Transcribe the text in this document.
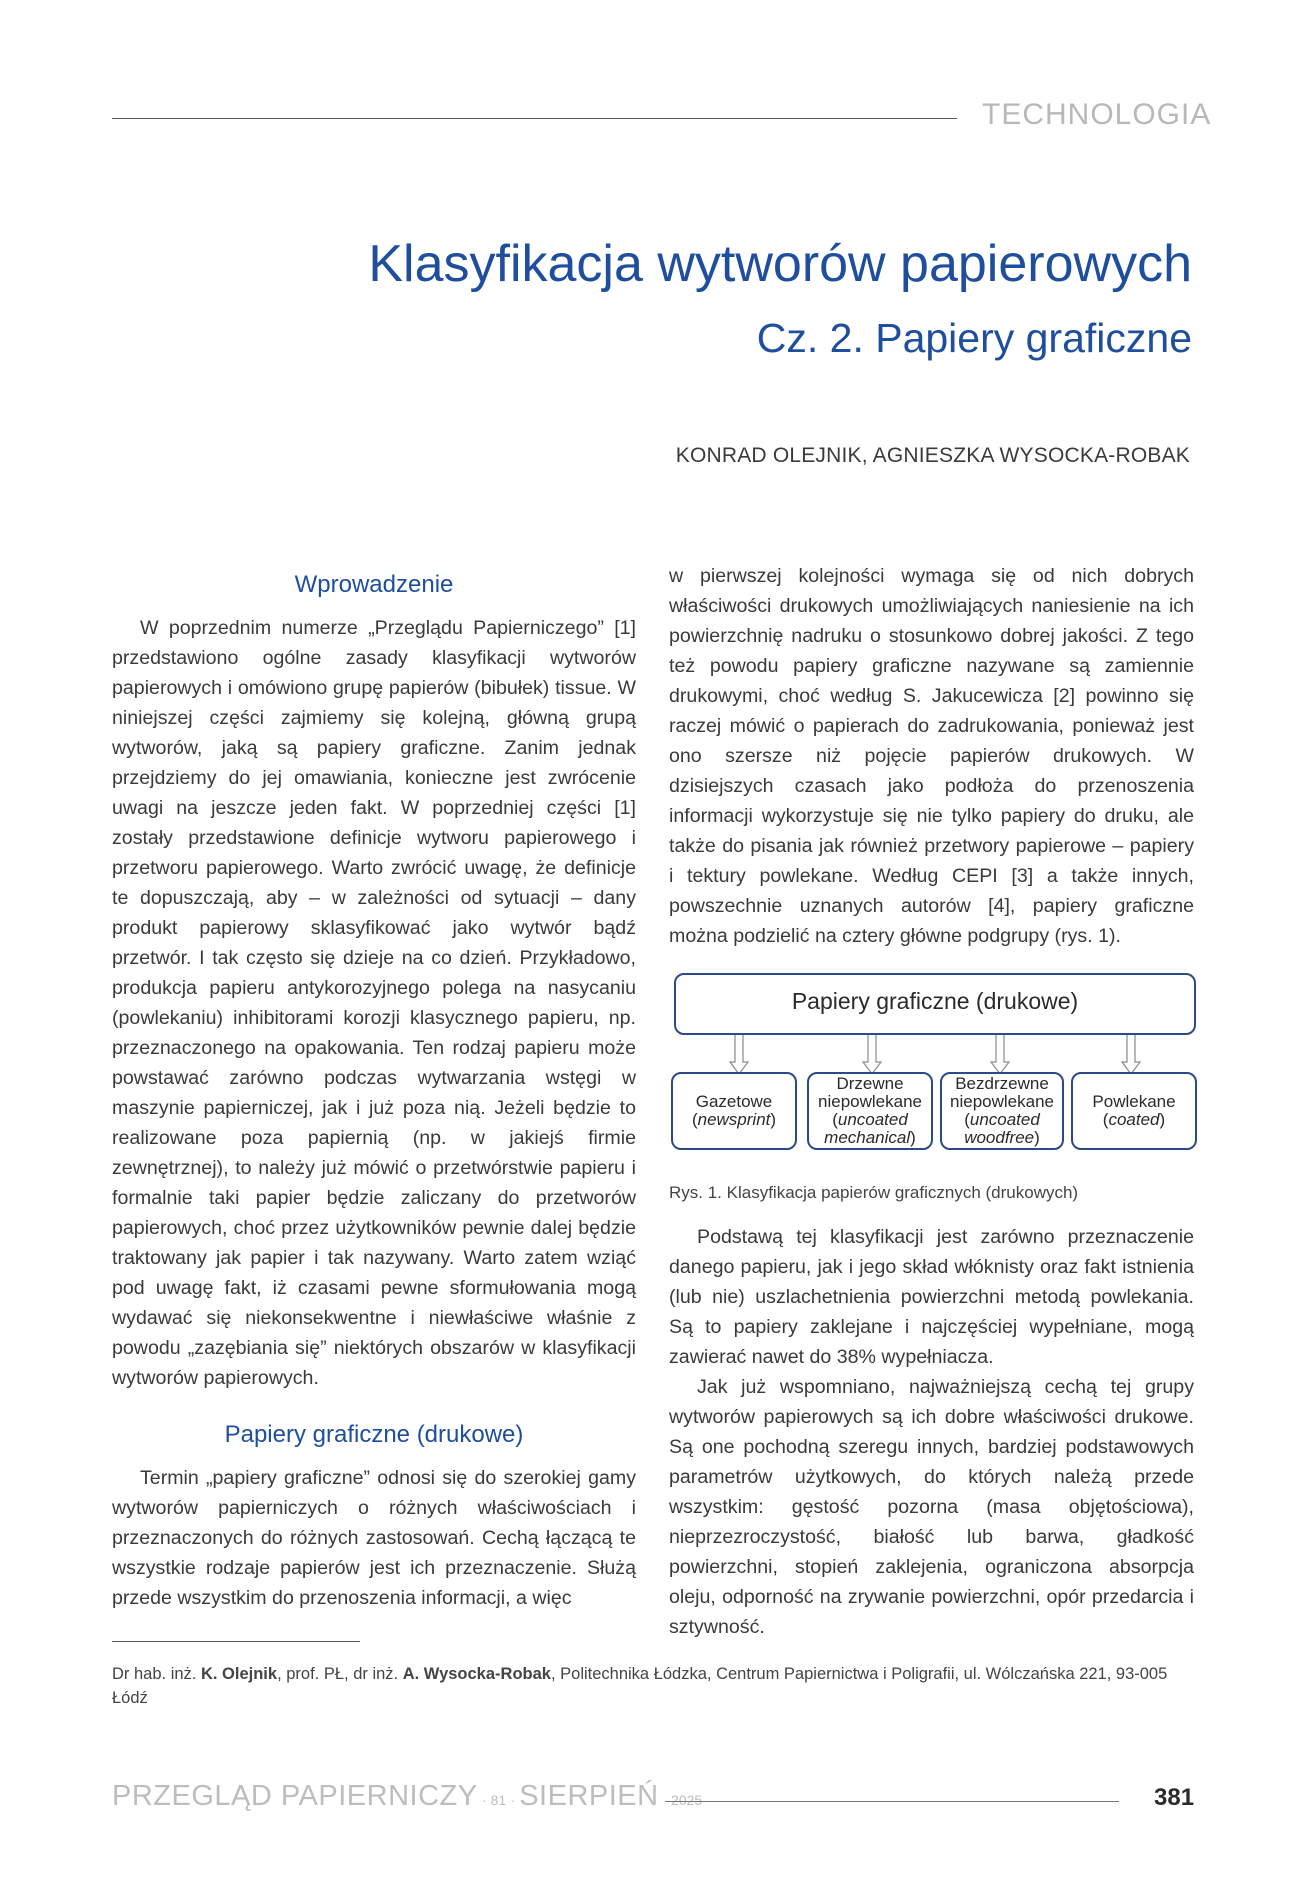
TECHNOLOGIA
Klasyfikacja wytworów papierowych
Cz. 2. Papiery graficzne
KONRAD OLEJNIK, AGNIESZKA WYSOCKA-ROBAK

Wprowadzenie

W poprzednim numerze „Przeglądu Papierniczego” [1] przedstawiono ogólne zasady klasyfikacji wytworów papierowych i omówiono grupę papierów (bibułek) tissue. W niniejszej części zajmiemy się kolejną, główną grupą wytworów, jaką są papiery graficzne. Zanim jednak przejdziemy do jej omawiania, konieczne jest zwrócenie uwagi na jeszcze jeden fakt. W poprzedniej części [1] zostały przedstawione definicje wytworu papierowego i przetworu papierowego. Warto zwrócić uwagę, że definicje te dopuszczają, aby – w zależności od sytuacji – dany produkt papierowy sklasyfikować jako wytwór bądź przetwór. I tak często się dzieje na co dzień. Przykładowo, produkcja papieru antykorozyjnego polega na nasycaniu (powlekaniu) inhibitorami korozji klasycznego papieru, np. przeznaczonego na opakowania. Ten rodzaj papieru może powstawać zarówno podczas wytwarzania wstęgi w maszynie papierniczej, jak i już poza nią. Jeżeli będzie to realizowane poza papiernią (np. w jakiejś firmie zewnętrznej), to należy już mówić o przetwórstwie papieru i formalnie taki papier będzie zaliczany do przetworów papierowych, choć przez użytkowników pewnie dalej będzie traktowany jak papier i tak nazywany. Warto zatem wziąć pod uwagę fakt, iż czasami pewne sformułowania mogą wydawać się niekonsekwentne i niewłaściwe właśnie z powodu „zazębiania się” niektórych obszarów w klasyfikacji wytworów papierowych.

Papiery graficzne (drukowe)

Termin „papiery graficzne” odnosi się do szerokiej gamy wytworów papierniczych o różnych właściwościach i przeznaczonych do różnych zastosowań. Cechą łączącą te wszystkie rodzaje papierów jest ich przeznaczenie. Służą przede wszystkim do przenoszenia informacji, a więc

w pierwszej kolejności wymaga się od nich dobrych właściwości drukowych umożliwiających naniesienie na ich powierzchnię nadruku o stosunkowo dobrej jakości. Z tego też powodu papiery graficzne nazywane są zamiennie drukowymi, choć według S. Jakucewicza [2] powinno się raczej mówić o papierach do zadrukowania, ponieważ jest ono szersze niż pojęcie papierów drukowych. W dzisiejszych czasach jako podłoża do przenoszenia informacji wykorzystuje się nie tylko papiery do druku, ale także do pisania jak również przetwory papierowe – papiery i tektury powlekane. Według CEPI [3] a także innych, powszechnie uznanych autorów [4], papiery graficzne można podzielić na cztery główne podgrupy (rys. 1).

Papiery graficzne (drukowe)
Gazetowe
(newsprint)
Drzewne niepowlekane
(uncoated mechanical)
Bezdrzewne niepowlekane
(uncoated woodfree)
Powlekane
(coated)
Rys. 1. Klasyfikacja papierów graficznych (drukowych)

Podstawą tej klasyfikacji jest zarówno przeznaczenie danego papieru, jak i jego skład włóknisty oraz fakt istnienia (lub nie) uszlachetnienia powierzchni metodą powlekania. Są to papiery zaklejane i najczęściej wypełniane, mogą zawierać nawet do 38% wypełniacza.

Jak już wspomniano, najważniejszą cechą tej grupy wytworów papierowych są ich dobre właściwości drukowe. Są one pochodną szeregu innych, bardziej podstawowych parametrów użytkowych, do których należą przede wszystkim: gęstość pozorna (masa objętościowa), nieprzezroczystość, białość lub barwa, gładkość powierzchni, stopień zaklejenia, ograniczona absorpcja oleju, odporność na zrywanie powierzchni, opór przedarcia i sztywność.

Dr hab. inż. K. Olejnik, prof. PŁ, dr inż. A. Wysocka-Robak, Politechnika Łódzka, Centrum Papiernictwa i Poligrafii, ul. Wólczańska 221, 93-005 Łódź
PRZEGLĄD PAPIERNICZY · 81 · SIERPIEŃ 2025	381
